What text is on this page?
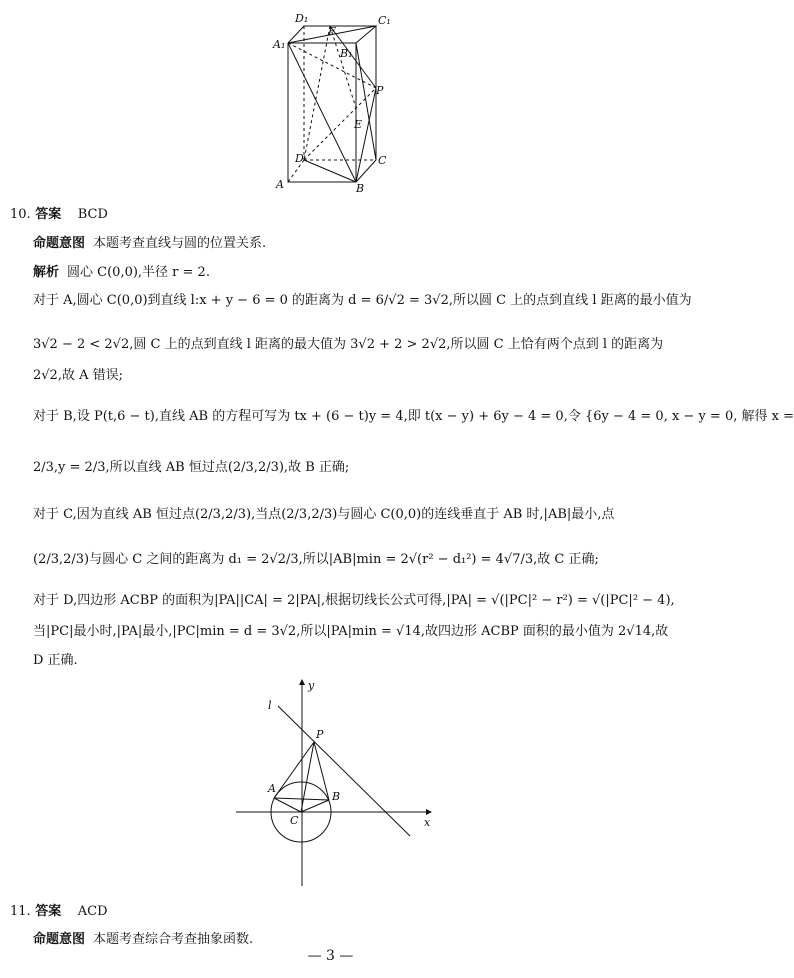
D₁	C₁
A₁
B₁
F
P
E
D	C
A	B
10. 答案 BCD
命题意图 本题考查直线与圆的位置关系.
解析 圆心 C(0,0),半径 r = 2.
对于 A,圆心 C(0,0)到直线 l:x + y − 6 = 0 的距离为 d = 6/√2 = 3√2,所以圆 C 上的点到直线 l 距离的最小值为
3√2 − 2 < 2√2,圆 C 上的点到直线 l 距离的最大值为 3√2 + 2 > 2√2,所以圆 C 上恰有两个点到 l 的距离为
2√2,故 A 错误;
对于 B,设 P(t,6 − t),直线 AB 的方程可写为 tx + (6 − t)y = 4,即 t(x − y) + 6y − 4 = 0,令 {6y − 4 = 0, x − y = 0, 解得 x =
2/3,y = 2/3,所以直线 AB 恒过点(2/3,2/3),故 B 正确;
对于 C,因为直线 AB 恒过点(2/3,2/3),当点(2/3,2/3)与圆心 C(0,0)的连线垂直于 AB 时,|AB|最小,点
(2/3,2/3)与圆心 C 之间的距离为 d₁ = 2√2/3,所以|AB|min = 2√(r² − d₁²) = 4√7/3,故 C 正确;
对于 D,四边形 ACBP 的面积为|PA||CA| = 2|PA|,根据切线长公式可得,|PA| = √(|PC|² − r²) = √(|PC|² − 4),
当|PC|最小时,|PA|最小,|PC|min = d = 3√2,所以|PA|min = √14,故四边形 ACBP 面积的最小值为 2√14,故
D 正确.
y
x
l
P
A
B
C
11. 答案 ACD
命题意图 本题考查综合考查抽象函数.
— 3 —
